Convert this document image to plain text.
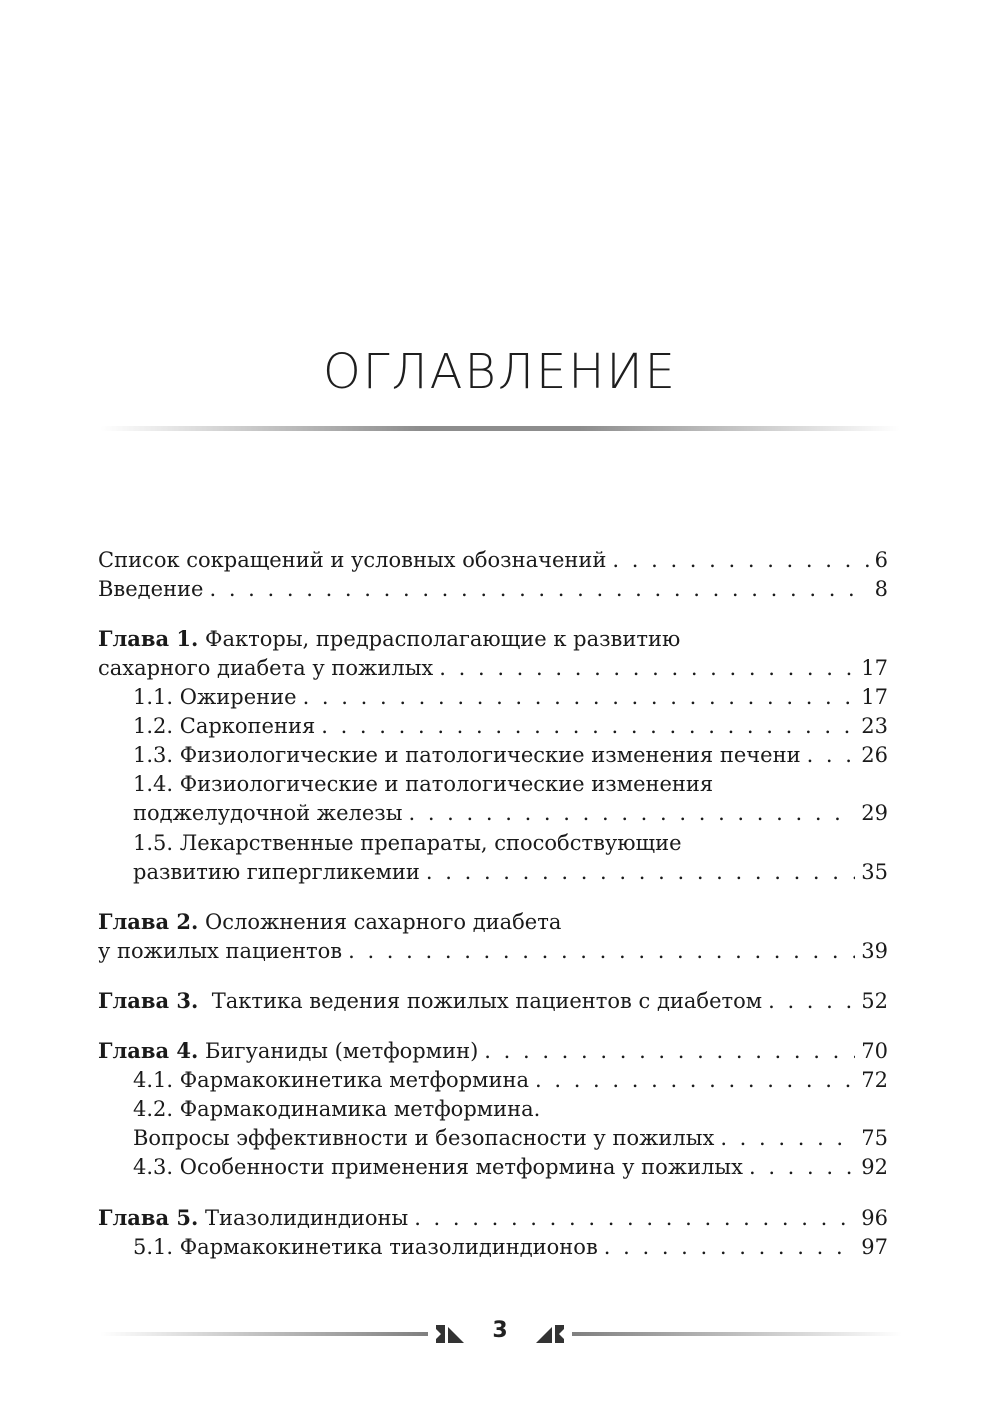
ОГЛАВЛЕНИЕ
Список сокращений и условных обозначений . . .	6
Введение . . .	8
Глава 1. Факторы, предрасполагающие к развитию
сахарного диабета у пожилых . . .	17
1.1. Ожирение . . .	17
1.2. Саркопения . . .	23
1.3. Физиологические и патологические изменения печени . . .	26
1.4. Физиологические и патологические изменения
поджелудочной железы . . .	29
1.5. Лекарственные препараты, способствующие
развитию гипергликемии . . .	35
Глава 2. Осложнения сахарного диабета
у пожилых пациентов . . .	39
Глава 3.  Тактика ведения пожилых пациентов с диабетом . . .	52
Глава 4. Бигуаниды (метформин) . . .	70
4.1. Фармакокинетика метформина . . .	72
4.2. Фармакодинамика метформина.
Вопросы эффективности и безопасности у пожилых . . .	75
4.3. Особенности применения метформина у пожилых . . .	92
Глава 5. Тиазолидиндионы . . .	96
5.1. Фармакокинетика тиазолидиндионов . . .	97
3
